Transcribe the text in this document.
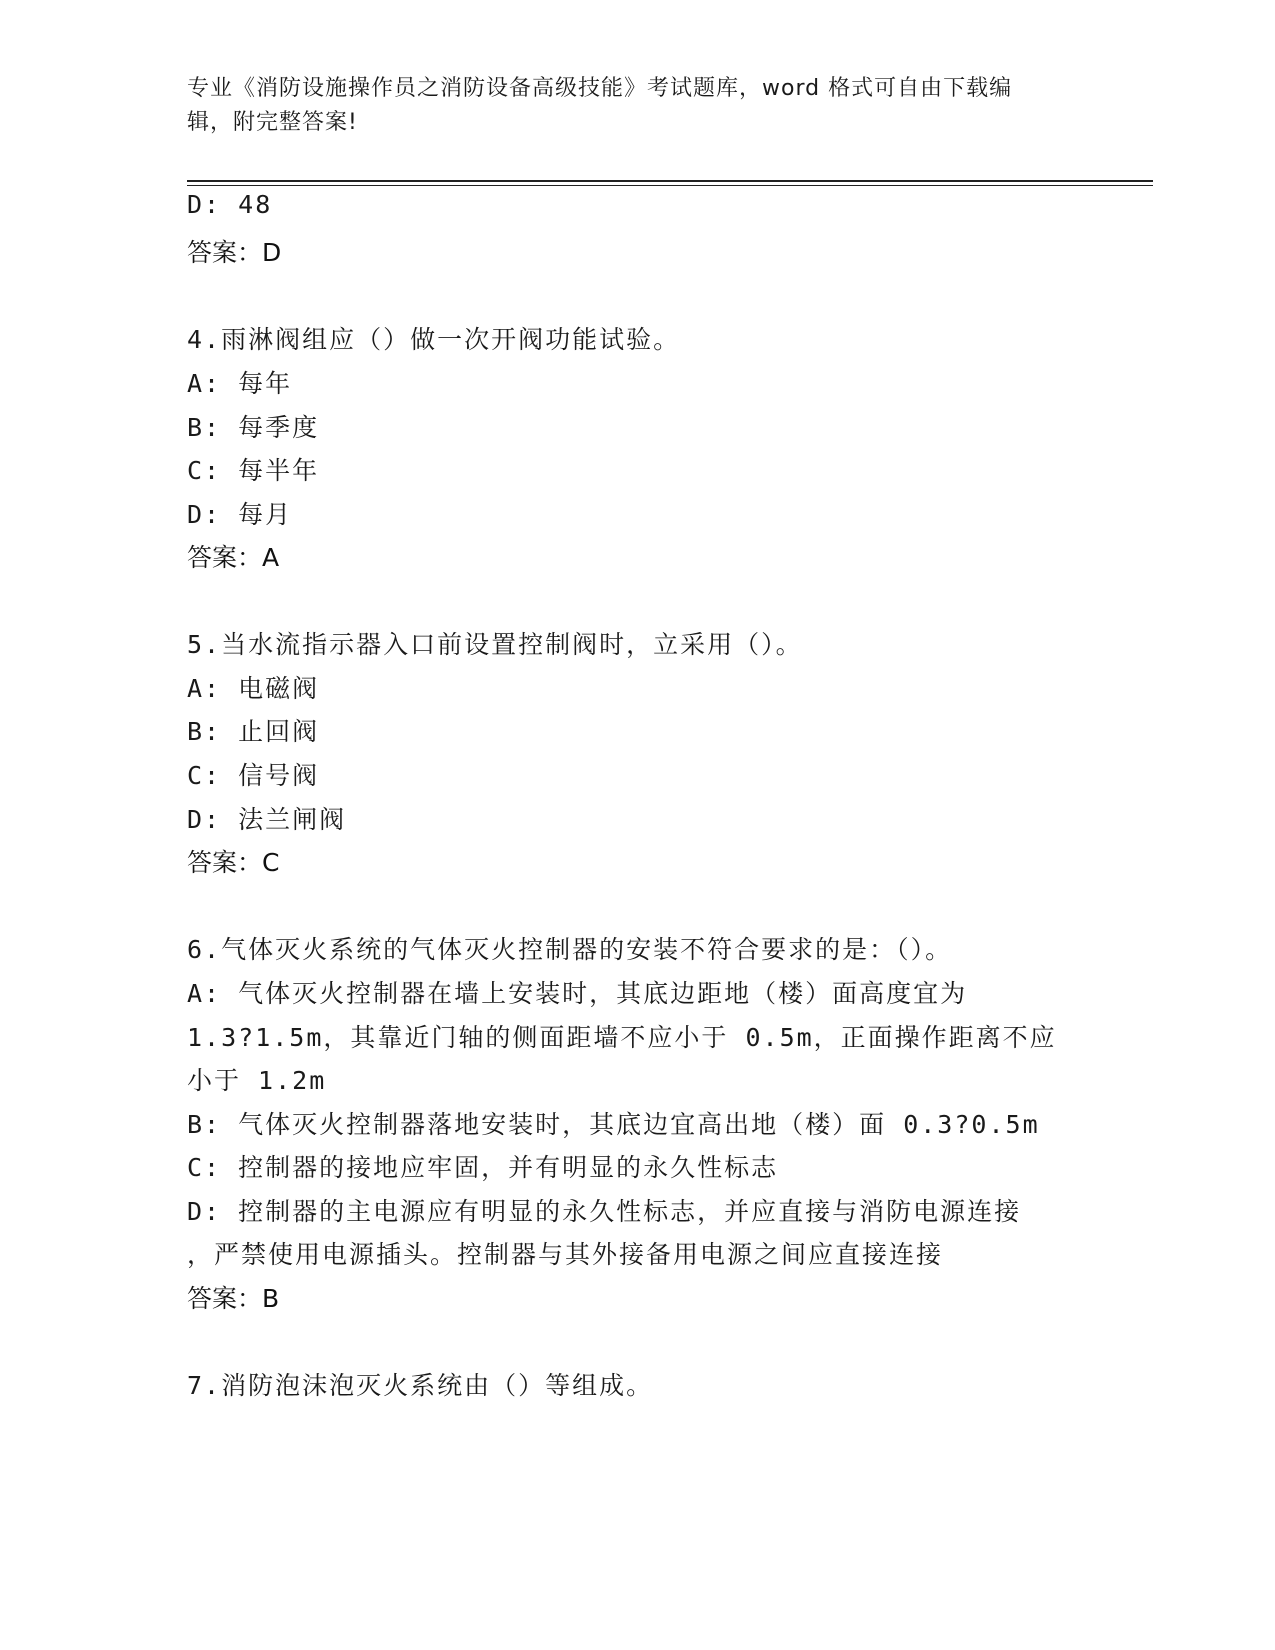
专业《消防设施操作员之消防设备高级技能》考试题库，word 格式可自由下载编
辑，附完整答案!
D: 48
答案：D
4.雨淋阀组应（）做一次开阀功能试验。
A: 每年
B: 每季度
C: 每半年
D: 每月
答案：A
5.当水流指示器入口前设置控制阀时，立采用（）。
A: 电磁阀
B: 止回阀
C: 信号阀
D: 法兰闸阀
答案：C
6.气体灭火系统的气体灭火控制器的安装不符合要求的是：（）。
A: 气体灭火控制器在墙上安装时，其底边距地（楼）面高度宜为
1.3?1.5m，其靠近门轴的侧面距墙不应小于 0.5m，正面操作距离不应
小于 1.2m
B: 气体灭火控制器落地安装时，其底边宜高出地（楼）面 0.3?0.5m
C: 控制器的接地应牢固，并有明显的永久性标志
D: 控制器的主电源应有明显的永久性标志，并应直接与消防电源连接
，严禁使用电源插头。控制器与其外接备用电源之间应直接连接
答案：B
7.消防泡沫泡灭火系统由（）等组成。
